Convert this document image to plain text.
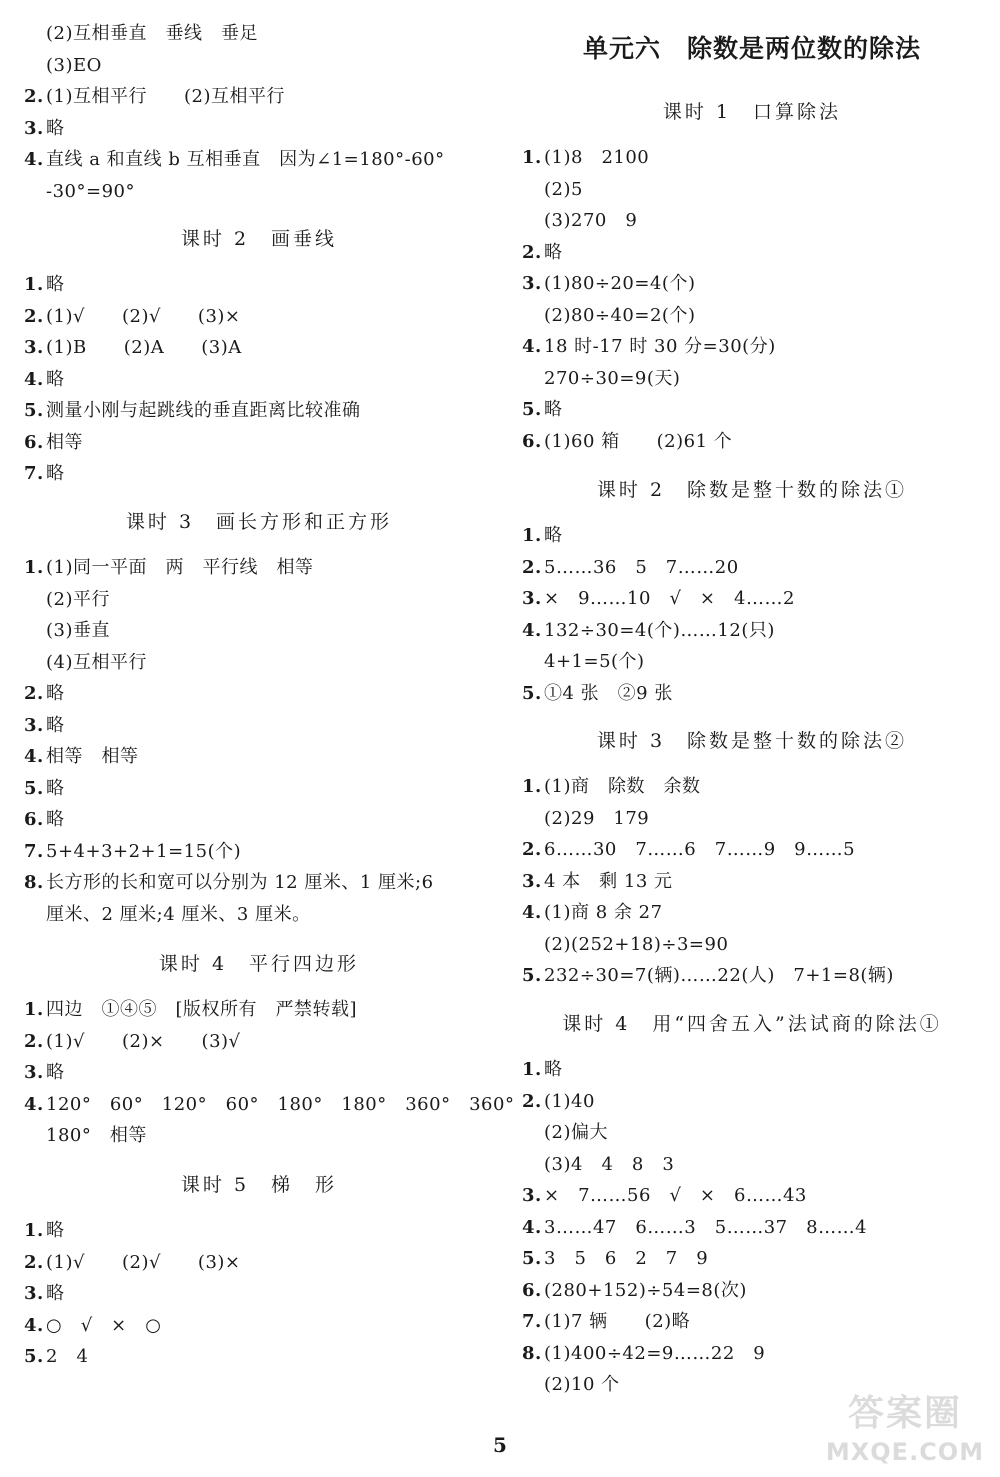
(2)互相垂直　垂线　垂足
(3)EO
2. (1)互相平行　　(2)互相平行
3. 略
4. 直线 a 和直线 b 互相垂直　因为∠1=180°-60°
-30°=90°
课时 2　画垂线
1. 略
2. (1)√　　(2)√　　(3)×
3. (1)B　　(2)A　　(3)A
4. 略
5. 测量小刚与起跳线的垂直距离比较准确
6. 相等
7. 略
课时 3　画长方形和正方形
1. (1)同一平面　两　平行线　相等
(2)平行
(3)垂直
(4)互相平行
2. 略
3. 略
4. 相等　相等
5. 略
6. 略
7. 5+4+3+2+1=15(个)
8. 长方形的长和宽可以分别为 12 厘米、1 厘米;6
厘米、2 厘米;4 厘米、3 厘米。
课时 4　平行四边形
1. 四边　①④⑤　[版权所有　严禁转载]
2. (1)√　　(2)×　　(3)√
3. 略
4. 120°　60°　120°　60°　180°　180°　360°　360°
180°　相等
课时 5　梯　形
1. 略
2. (1)√　　(2)√　　(3)×
3. 略
4. ○　√　×　○
5. 2　4
单元六　除数是两位数的除法
课时 1　口算除法
1. (1)8　2100
(2)5
(3)270　9
2. 略
3. (1)80÷20=4(个)
(2)80÷40=2(个)
4. 18 时-17 时 30 分=30(分)
270÷30=9(天)
5. 略
6. (1)60 箱　　(2)61 个
课时 2　除数是整十数的除法①
1. 略
2. 5……36　5　7……20
3. ×　9……10　√　×　4……2
4. 132÷30=4(个)……12(只)
4+1=5(个)
5. ①4 张　②9 张
课时 3　除数是整十数的除法②
1. (1)商　除数　余数
(2)29　179
2. 6……30　7……6　7……9　9……5
3. 4 本　剩 13 元
4. (1)商 8 余 27
(2)(252+18)÷3=90
5. 232÷30=7(辆)……22(人)　7+1=8(辆)
课时 4　用“四舍五入”法试商的除法①
1. 略
2. (1)40
(2)偏大
(3)4　4　8　3
3. ×　7……56　√　×　6……43
4. 3……47　6……3　5……37　8……4
5. 3　5　6　2　7　9
6. (280+152)÷54=8(次)
7. (1)7 辆　　(2)略
8. (1)400÷42=9……22　9
(2)10 个
5
答案圈
MXQE.COM
